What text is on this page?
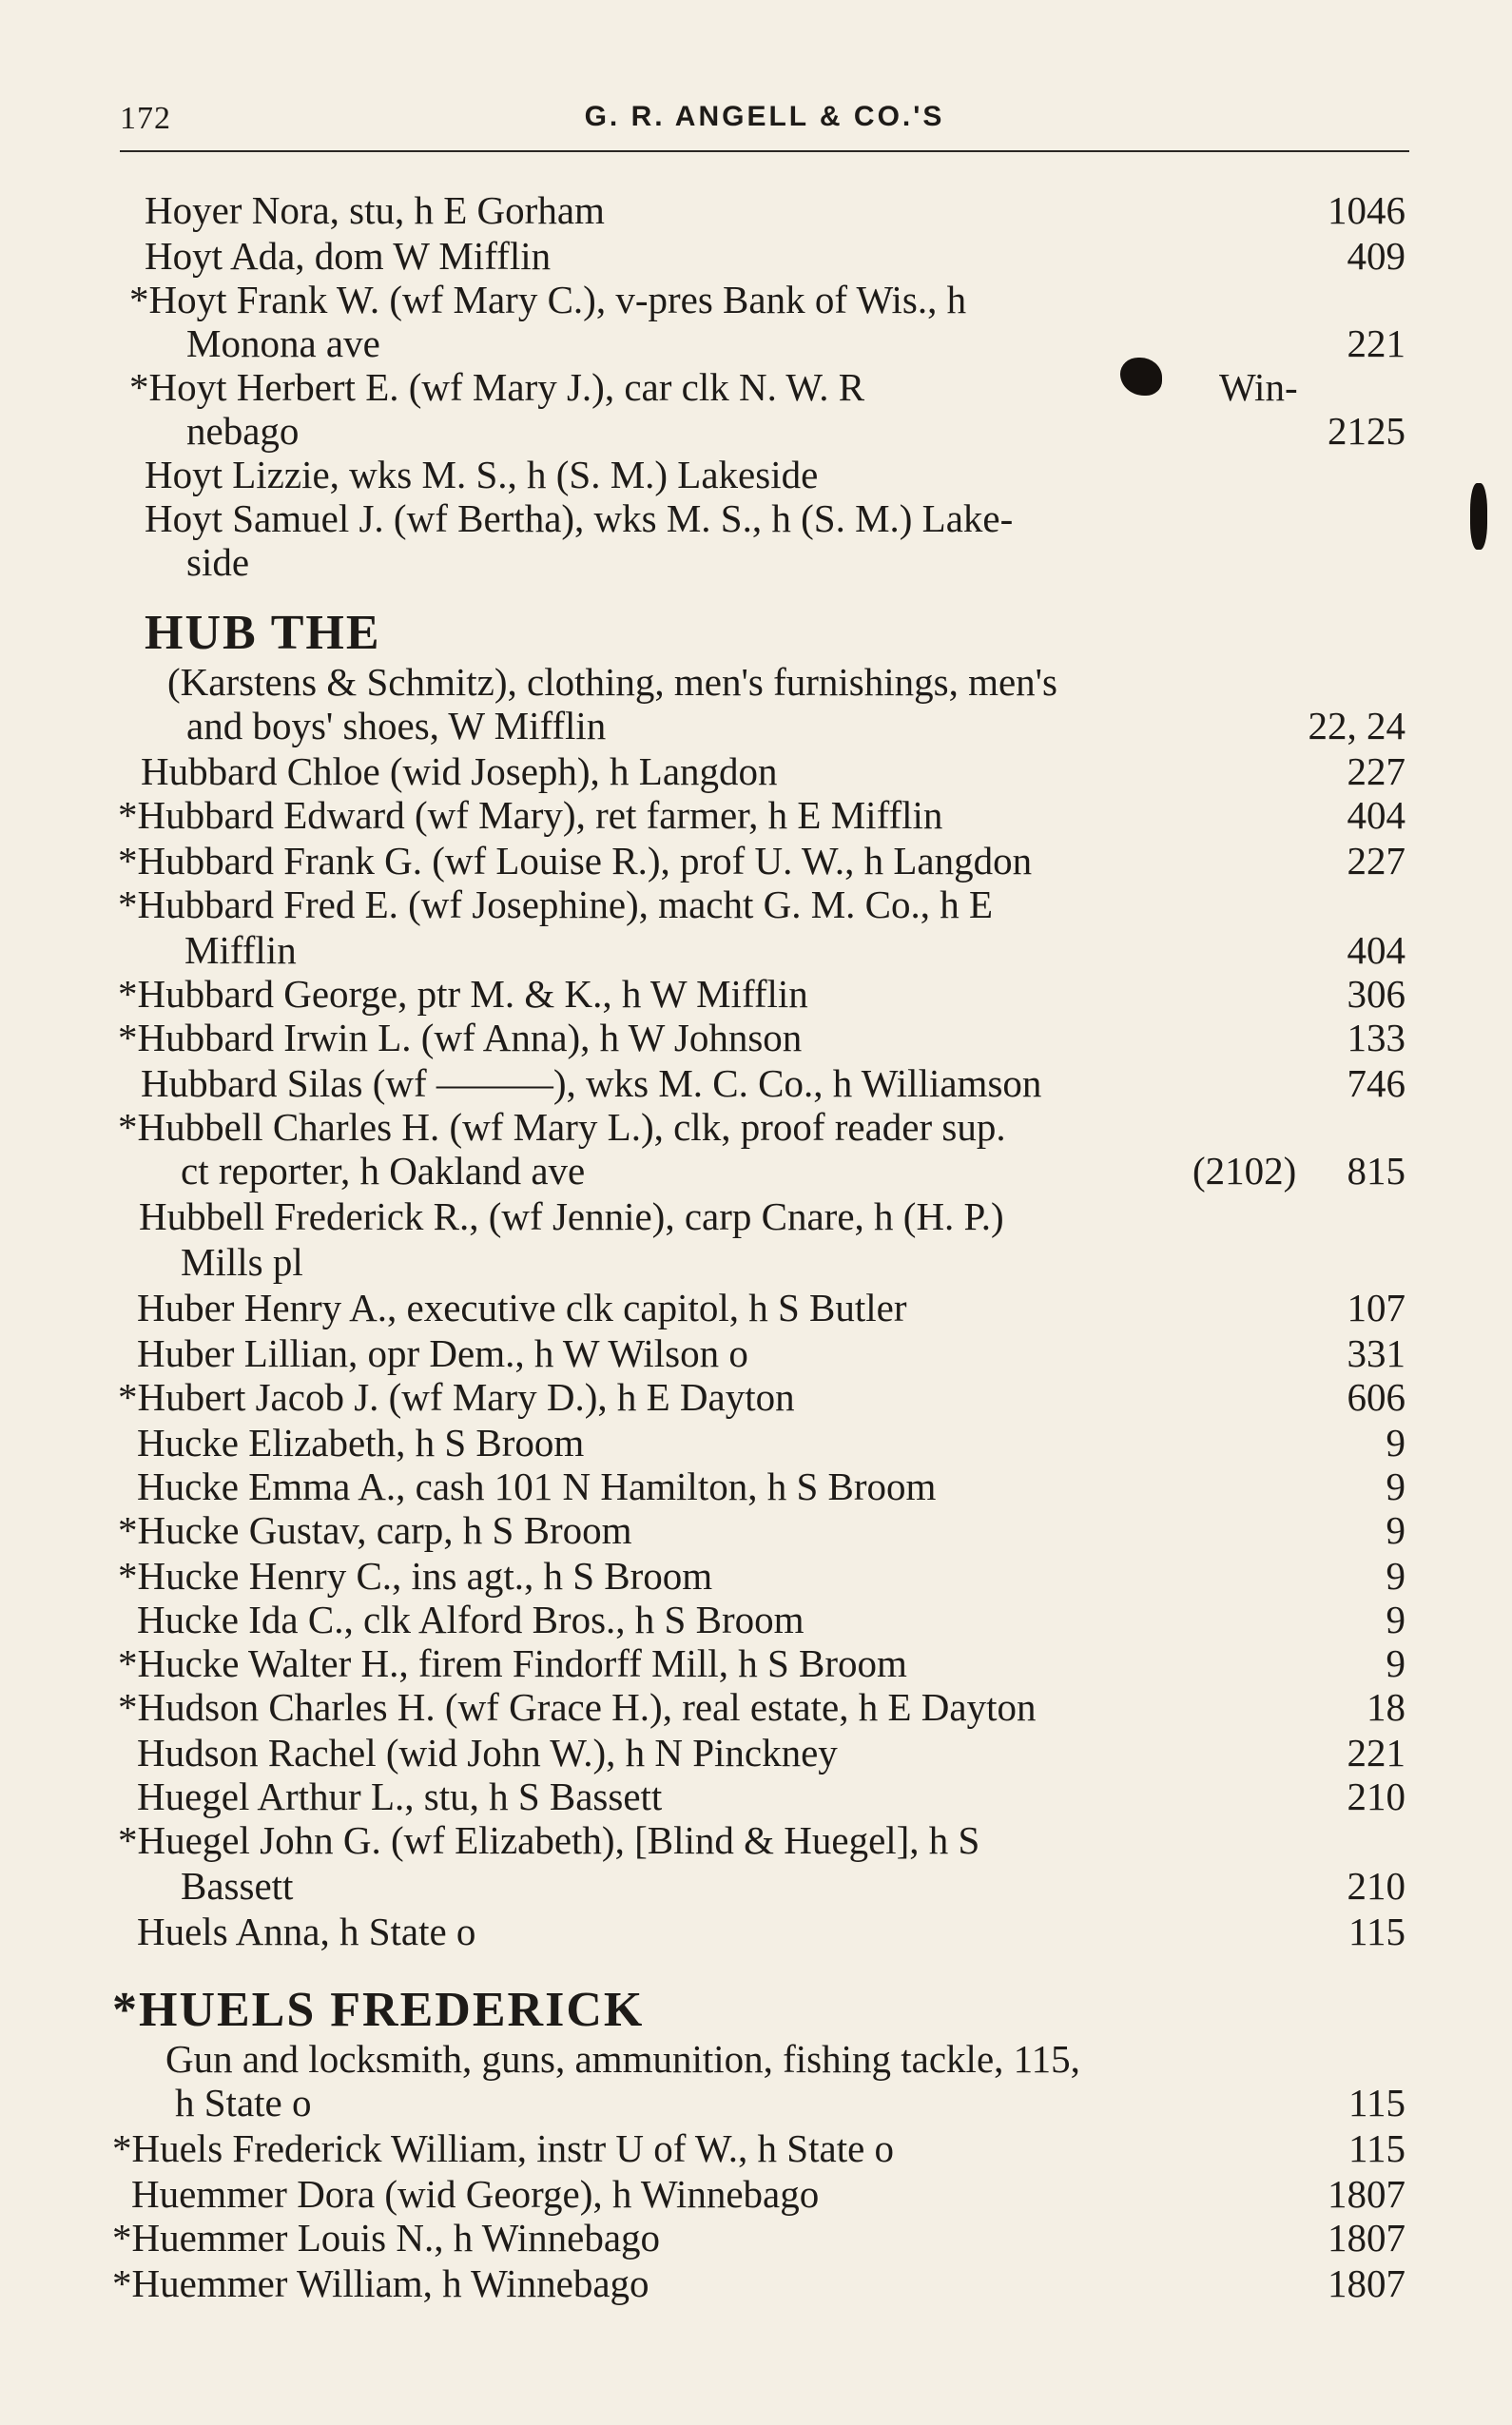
172	G. R. ANGELL & CO.'S
Hoyer Nora, stu, h E Gorham	1046
Hoyt Ada, dom W Mifflin	409
*Hoyt Frank W. (wf Mary C.), v-pres Bank of Wis., h
Monona ave	221
*Hoyt Herbert E. (wf Mary J.), car clk N. W. R	Win-
nebago	2125
Hoyt Lizzie, wks M. S., h (S. M.) Lakeside
Hoyt Samuel J. (wf Bertha), wks M. S., h (S. M.) Lake-
side
HUB THE
(Karstens & Schmitz), clothing, men's furnishings, men's
and boys' shoes, W Mifflin	22, 24
Hubbard Chloe (wid Joseph), h Langdon	227
*Hubbard Edward (wf Mary), ret farmer, h E Mifflin	404
*Hubbard Frank G. (wf Louise R.), prof U. W., h Langdon	227
*Hubbard Fred E. (wf Josephine), macht G. M. Co., h E
Mifflin	404
*Hubbard George, ptr M. & K., h W Mifflin	306
*Hubbard Irwin L. (wf Anna), h W Johnson	133
Hubbard Silas (wf ———), wks M. C. Co., h Williamson	746
*Hubbell Charles H. (wf Mary L.), clk, proof reader sup.
ct reporter, h Oakland ave	(2102) 815
Hubbell Frederick R., (wf Jennie), carp Cnare, h (H. P.)
Mills pl
Huber Henry A., executive clk capitol, h S Butler	107
Huber Lillian, opr Dem., h W Wilson o	331
*Hubert Jacob J. (wf Mary D.), h E Dayton	606
Hucke Elizabeth, h S Broom	9
Hucke Emma A., cash 101 N Hamilton, h S Broom	9
*Hucke Gustav, carp, h S Broom	9
*Hucke Henry C., ins agt., h S Broom	9
Hucke Ida C., clk Alford Bros., h S Broom	9
*Hucke Walter H., firem Findorff Mill, h S Broom	9
*Hudson Charles H. (wf Grace H.), real estate, h E Dayton	18
Hudson Rachel (wid John W.), h N Pinckney	221
Huegel Arthur L., stu, h S Bassett	210
*Huegel John G. (wf Elizabeth), [Blind & Huegel], h S
Bassett	210
Huels Anna, h State o	115
*HUELS FREDERICK
Gun and locksmith, guns, ammunition, fishing tackle, 115,
h State o	115
*Huels Frederick William, instr U of W., h State o	115
Huemmer Dora (wid George), h Winnebago	1807
*Huemmer Louis N., h Winnebago	1807
*Huemmer William, h Winnebago	1807
